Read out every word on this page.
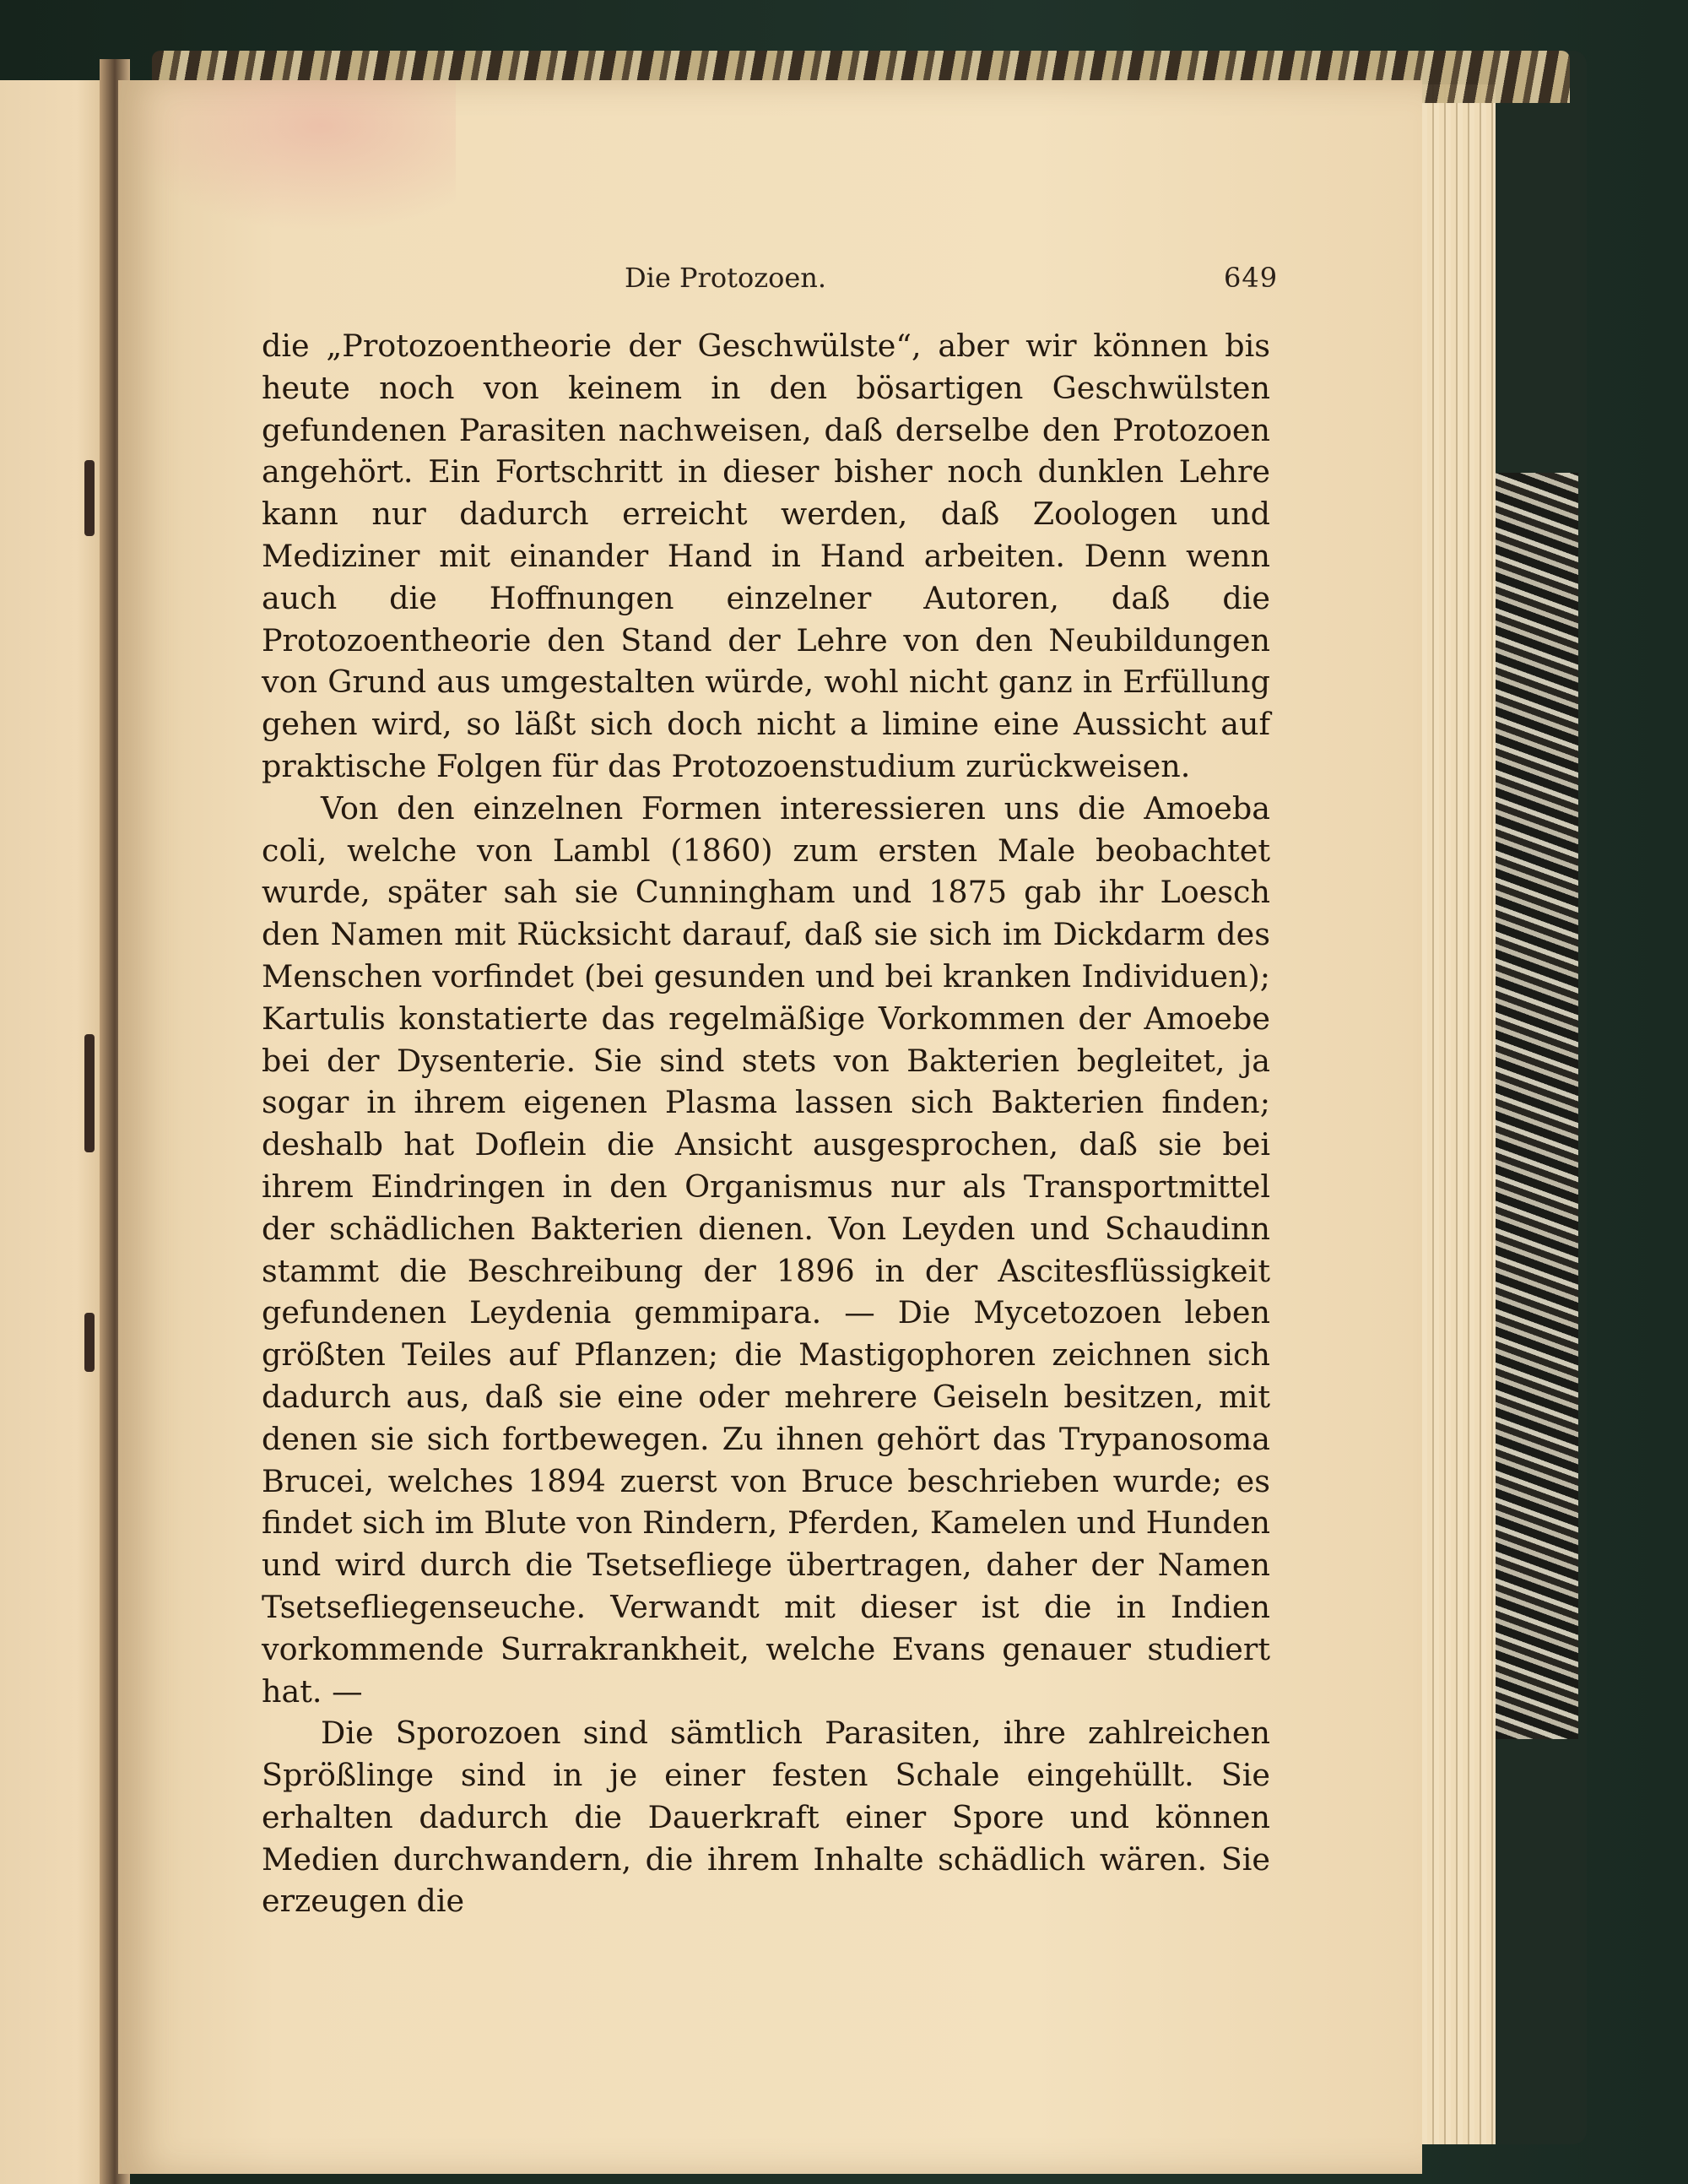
Die Protozoen.	649

die „Protozoentheorie der Geschwülste“, aber wir können bis heute noch von keinem in den bösartigen Geschwülsten gefundenen Parasiten nachweisen, daß derselbe den Protozoen angehört. Ein Fortschritt in dieser bisher noch dunklen Lehre kann nur dadurch erreicht werden, daß Zoologen und Mediziner mit einander Hand in Hand arbeiten. Denn wenn auch die Hoffnungen einzelner Autoren, daß die Protozoentheorie den Stand der Lehre von den Neubildungen von Grund aus umgestalten würde, wohl nicht ganz in Erfüllung gehen wird, so läßt sich doch nicht a limine eine Aussicht auf praktische Folgen für das Protozoenstudium zurückweisen.

Von den einzelnen Formen interessieren uns die Amoeba coli, welche von Lambl (1860) zum ersten Male beobachtet wurde, später sah sie Cunningham und 1875 gab ihr Loesch den Namen mit Rücksicht darauf, daß sie sich im Dickdarm des Menschen vorfindet (bei gesunden und bei kranken Individuen); Kartulis konstatierte das regelmäßige Vorkommen der Amoebe bei der Dysenterie. Sie sind stets von Bakterien begleitet, ja sogar in ihrem eigenen Plasma lassen sich Bakterien finden; deshalb hat Doflein die Ansicht ausgesprochen, daß sie bei ihrem Eindringen in den Organismus nur als Transportmittel der schädlichen Bakterien dienen. Von Leyden und Schaudinn stammt die Beschreibung der 1896 in der Ascitesflüssigkeit gefundenen Leydenia gemmipara. — Die Mycetozoen leben größten Teiles auf Pflanzen; die Mastigophoren zeichnen sich dadurch aus, daß sie eine oder mehrere Geiseln besitzen, mit denen sie sich fortbewegen. Zu ihnen gehört das Trypanosoma Brucei, welches 1894 zuerst von Bruce beschrieben wurde; es findet sich im Blute von Rindern, Pferden, Kamelen und Hunden und wird durch die Tsetsefliege übertragen, daher der Namen Tsetsefliegenseuche. Verwandt mit dieser ist die in Indien vorkommende Surrakrankheit, welche Evans genauer studiert hat. —

Die Sporozoen sind sämtlich Parasiten, ihre zahlreichen Sprößlinge sind in je einer festen Schale eingehüllt. Sie erhalten dadurch die Dauerkraft einer Spore und können Medien durchwandern, die ihrem Inhalte schädlich wären. Sie erzeugen die
